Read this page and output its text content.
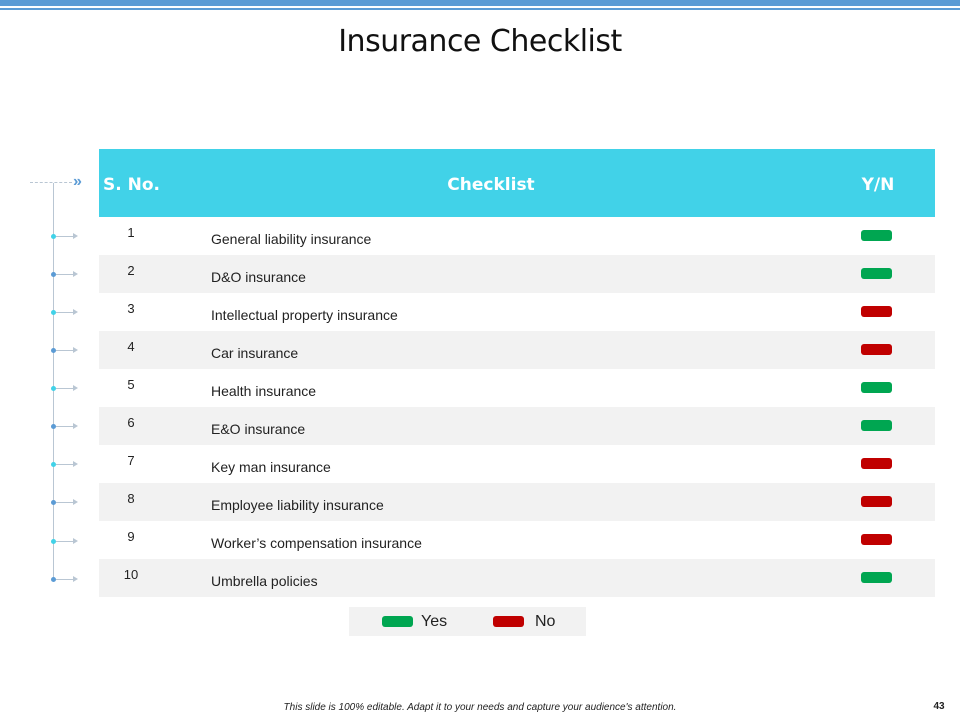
Insurance Checklist
» S. No.	Checklist	Y/N
1	General liability insurance
2	D&O insurance
3	Intellectual property insurance
4	Car insurance
5	Health insurance
6	E&O insurance
7	Key man insurance
8	Employee liability insurance
9	Worker’s compensation insurance
10	Umbrella policies
Yes	No
This slide is 100% editable. Adapt it to your needs and capture your audience's attention.	43
